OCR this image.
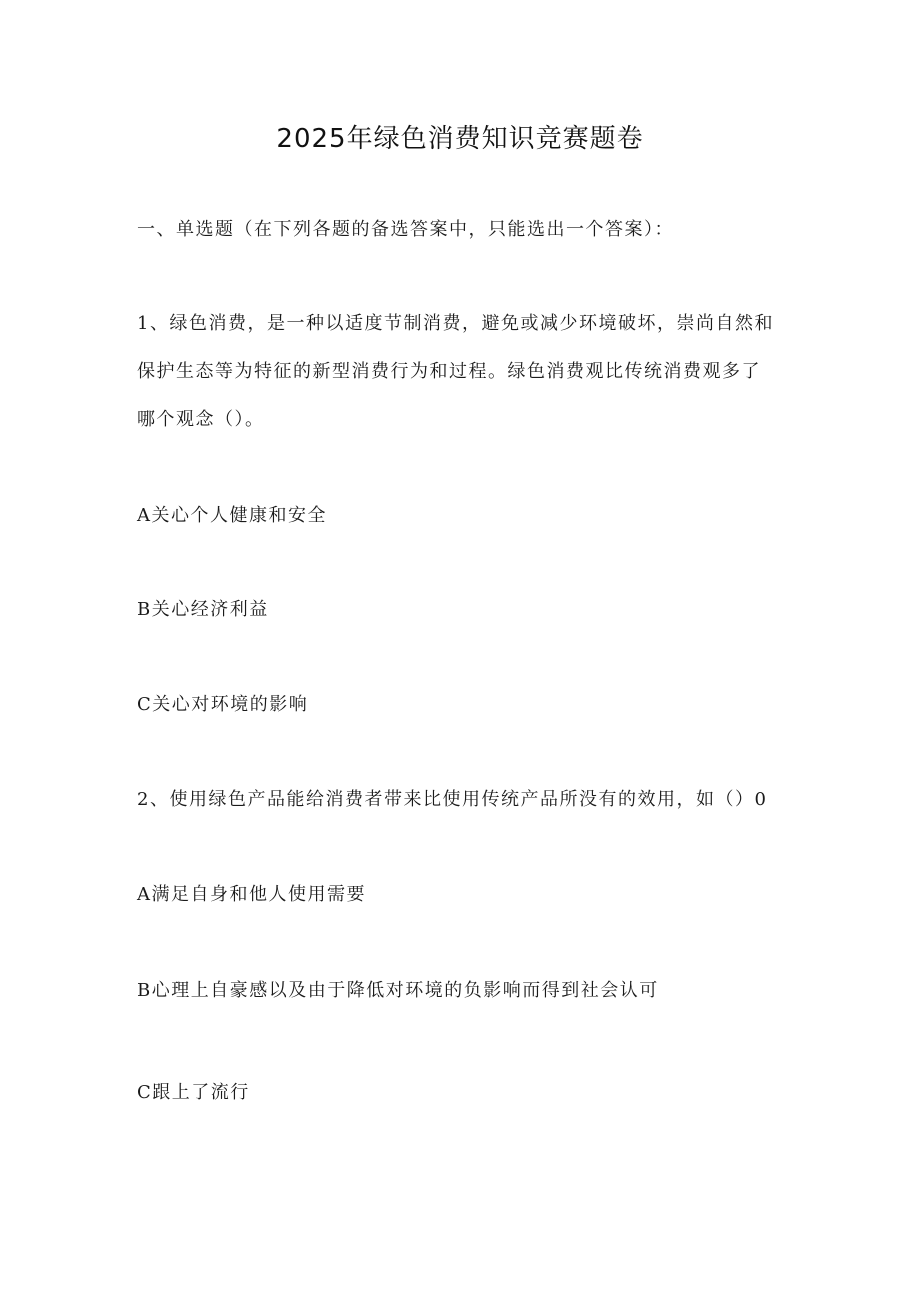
2025年绿色消费知识竞赛题卷
一、单选题（在下列各题的备选答案中，只能选出一个答案）：
1、绿色消费，是一种以适度节制消费，避免或减少环境破坏，崇尚自然和
保护生态等为特征的新型消费行为和过程。绿色消费观比传统消费观多了
哪个观念（）。
A关心个人健康和安全
B关心经济利益
C关心对环境的影响
2、使用绿色产品能给消费者带来比使用传统产品所没有的效用，如（）0
A满足自身和他人使用需要
B心理上自豪感以及由于降低对环境的负影响而得到社会认可
C跟上了流行
